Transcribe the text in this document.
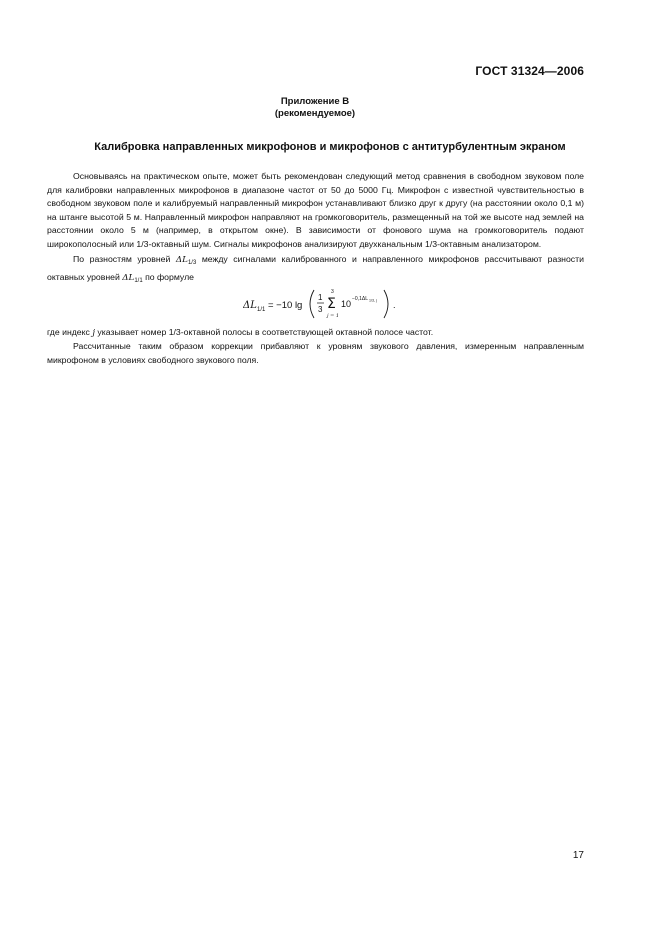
ГОСТ 31324—2006
Приложение В
(рекомендуемое)
Калибровка направленных микрофонов и микрофонов с антитурбулентным экраном
Основываясь на практическом опыте, может быть рекомендован следующий метод сравнения в свободном звуковом поле для калибровки направленных микрофонов в диапазоне частот от 50 до 5000 Гц. Микрофон с известной чувствительностью в свободном звуковом поле и калибруемый направленный микрофон устанавливают близко друг к другу (на расстоянии около 0,1 м) на штанге высотой 5 м. Направленный микрофон направляют на громкоговоритель, размещенный на той же высоте над землей на расстоянии около 5 м (например, в открытом окне). В зависимости от фонового шума на громкоговоритель подают широкополосный или 1/3-октавный шум. Сигналы микрофонов анализируют двухканальным 1/3-октавным анализатором.
По разностям уровней $\Delta L_{1/3}$ между сигналами калиброванного и направленного микрофонов рассчитывают разности октавных уровней $\Delta L_{1/1}$ по формуле
ΔL 1/1 = −10 lg
1
3
3
Σ
j = 1
10 −0,1ΔL 1/3, j .
где индекс j указывает номер 1/3-октавной полосы в соответствующей октавной полосе частот.
Рассчитанные таким образом коррекции прибавляют к уровням звукового давления, измеренным направленным микрофоном в условиях свободного звукового поля.
17
